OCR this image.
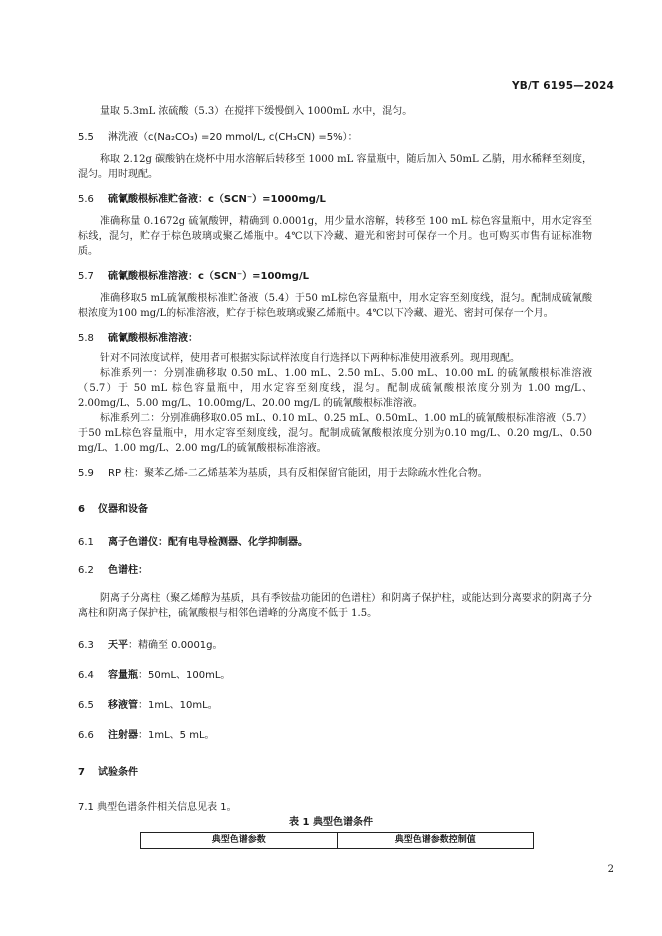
YB/T 6195—2024

量取 5.3mL 浓硫酸（5.3）在搅拌下缓慢倒入 1000mL 水中，混匀。

5.5 淋洗液（c(Na₂CO₃) =20 mmol/L, c(CH₃CN) =5%）：

称取 2.12g 碳酸钠在烧杯中用水溶解后转移至 1000 mL 容量瓶中，随后加入 50mL 乙腈，用水稀释至刻度，混匀。用时现配。

5.6 硫氰酸根标准贮备液：c（SCN⁻）=1000mg/L

准确称量 0.1672g 硫氰酸钾，精确到 0.0001g，用少量水溶解，转移至 100 mL 棕色容量瓶中，用水定容至标线，混匀，贮存于棕色玻璃或聚乙烯瓶中。4℃以下冷藏、避光和密封可保存一个月。也可购买市售有证标准物质。

5.7 硫氰酸根标准溶液：c（SCN⁻）=100mg/L

准确移取5 mL硫氰酸根标准贮备液（5.4）于50 mL棕色容量瓶中，用水定容至刻度线，混匀。配制成硫氰酸根浓度为100 mg/L的标准溶液，贮存于棕色玻璃或聚乙烯瓶中。4℃以下冷藏、避光、密封可保存一个月。

5.8 硫氰酸根标准溶液：

针对不同浓度试样，使用者可根据实际试样浓度自行选择以下两种标准使用液系列。现用现配。

标准系列一：分别准确移取 0.50 mL、1.00 mL、2.50 mL、5.00 mL、10.00 mL 的硫氰酸根标准溶液（5.7）于 50 mL 棕色容量瓶中，用水定容至刻度线，混匀。配制成硫氰酸根浓度分别为 1.00 mg/L、2.00mg/L、5.00 mg/L、10.00mg/L、20.00 mg/L 的硫氰酸根标准溶液。

标准系列二：分别准确移取0.05 mL、0.10 mL、0.25 mL、0.50mL、1.00 mL的硫氰酸根标准溶液（5.7）于50 mL棕色容量瓶中，用水定容至刻度线，混匀。配制成硫氰酸根浓度分别为0.10 mg/L、0.20 mg/L、0.50 mg/L、1.00 mg/L、2.00 mg/L的硫氰酸根标准溶液。

5.9 RP 柱：聚苯乙烯-二乙烯基苯为基质，具有反相保留官能团，用于去除疏水性化合物。

6 仪器和设备

6.1 离子色谱仪：配有电导检测器、化学抑制器。

6.2 色谱柱：

阴离子分离柱（聚乙烯醇为基质，具有季铵盐功能团的色谱柱）和阴离子保护柱，或能达到分离要求的阴离子分离柱和阴离子保护柱，硫氰酸根与相邻色谱峰的分离度不低于 1.5。

6.3 天平：精确至 0.0001g。

6.4 容量瓶：50mL、100mL。

6.5 移液管：1mL、10mL。

6.6 注射器：1mL、5 mL。

7 试验条件

7.1 典型色谱条件相关信息见表 1。

表 1 典型色谱条件
典型色谱参数	典型色谱参数控制值
2
